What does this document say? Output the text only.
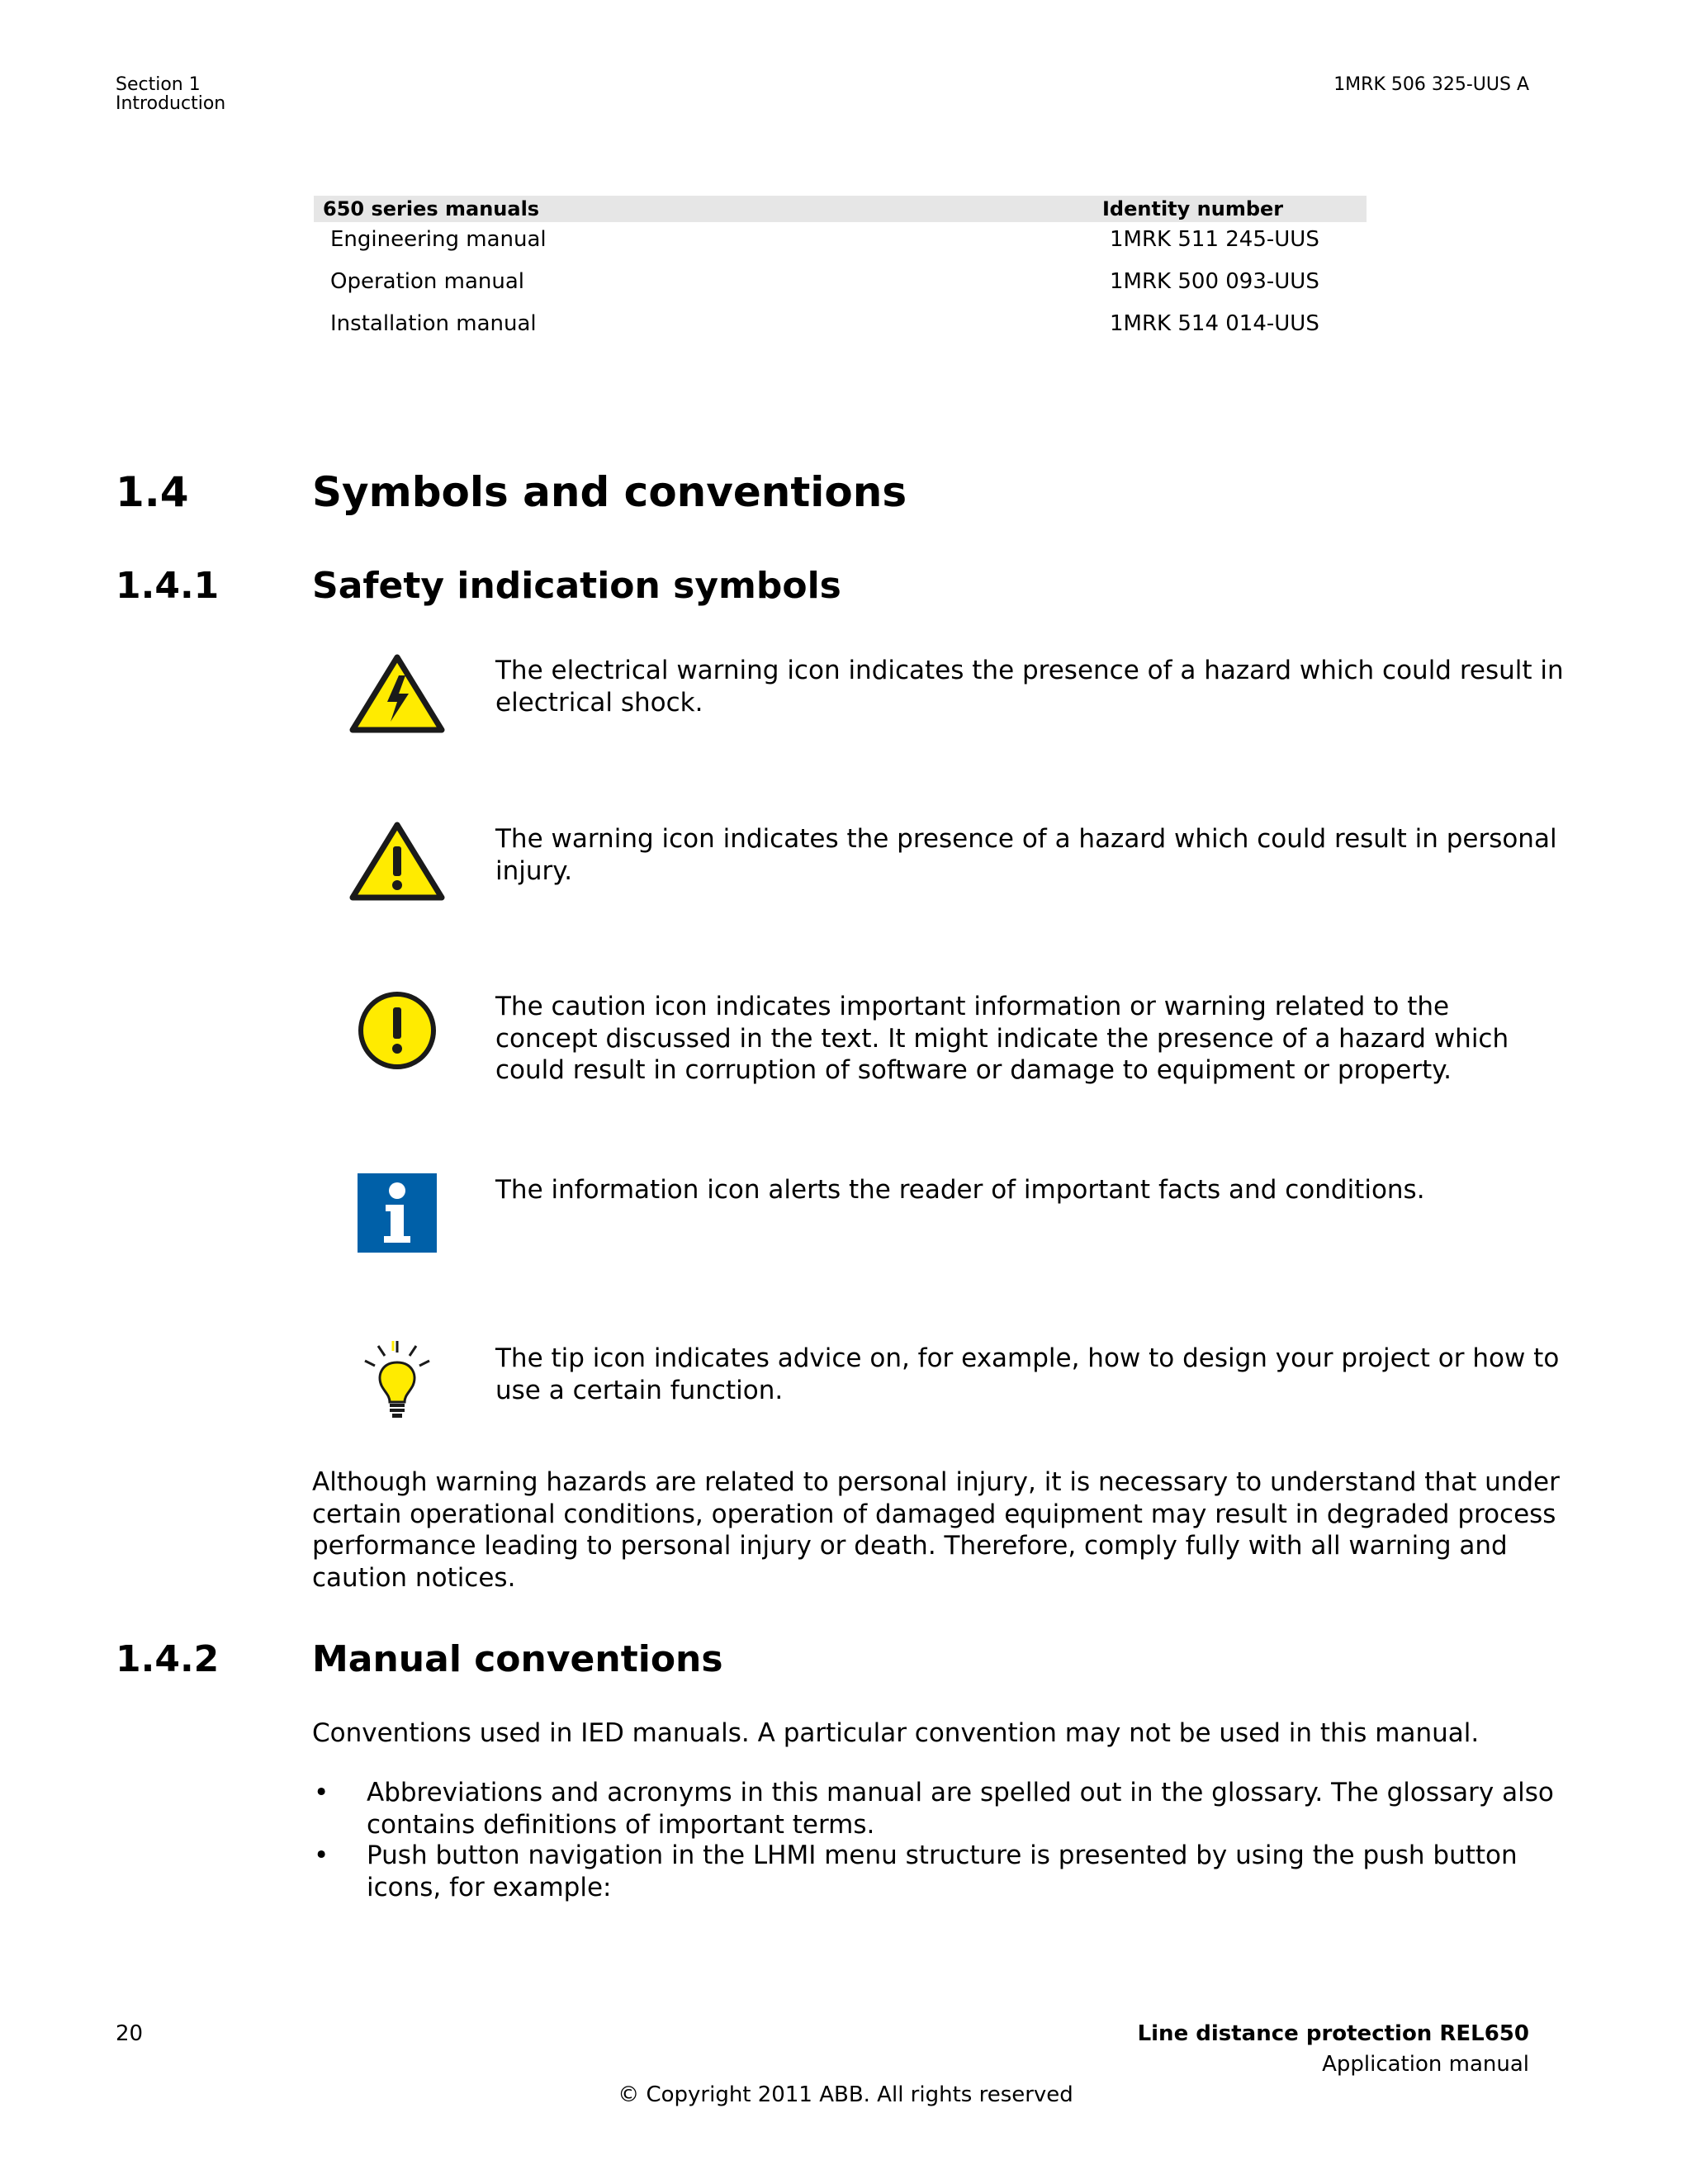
Section 1
Introduction
1MRK 506 325-UUS A
650 series manuals	Identity number
Engineering manual	1MRK 511 245-UUS
Operation manual	1MRK 500 093-UUS
Installation manual	1MRK 514 014-UUS
1.4	Symbols and conventions
1.4.1	Safety indication symbols
The electrical warning icon indicates the presence of a hazard which could result in
electrical shock.
The warning icon indicates the presence of a hazard which could result in personal
injury.
The caution icon indicates important information or warning related to the
concept discussed in the text. It might indicate the presence of a hazard which
could result in corruption of software or damage to equipment or property.
The information icon alerts the reader of important facts and conditions.
The tip icon indicates advice on, for example, how to design your project or how to
use a certain function.
Although warning hazards are related to personal injury, it is necessary to understand that under
certain operational conditions, operation of damaged equipment may result in degraded process
performance leading to personal injury or death. Therefore, comply fully with all warning and
caution notices.
1.4.2	Manual conventions
Conventions used in IED manuals. A particular convention may not be used in this manual.
• Abbreviations and acronyms in this manual are spelled out in the glossary. The glossary also
contains definitions of important terms.
• Push button navigation in the LHMI menu structure is presented by using the push button
icons, for example:
20	Line distance protection REL650
Application manual
© Copyright 2011 ABB. All rights reserved
